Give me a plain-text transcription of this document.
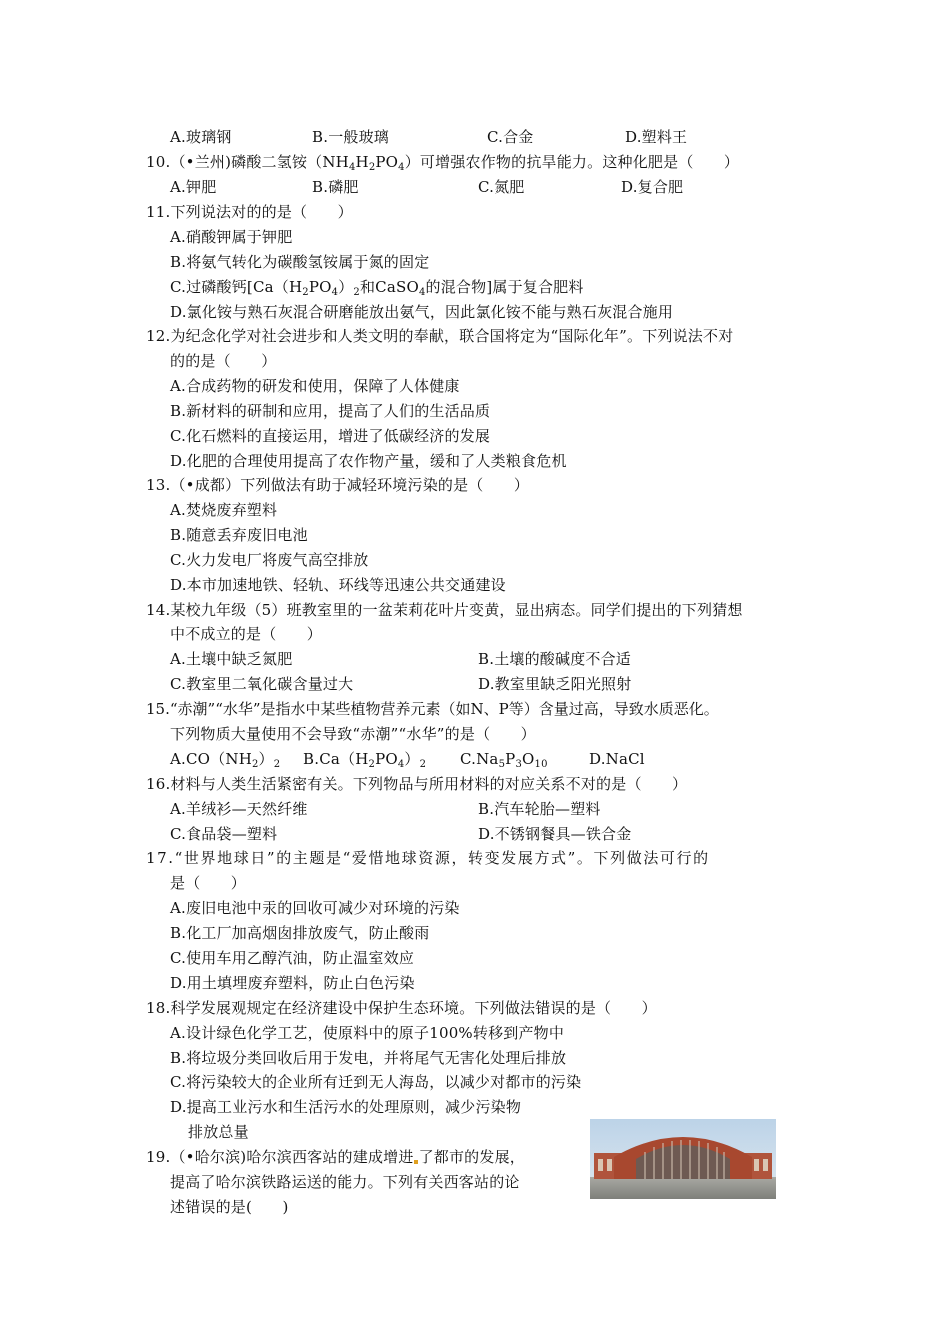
A.玻璃钢	B.一般玻璃	C.合金	D.塑料王
10.（•兰州)磷酸二氢铵$(NH_4H_2PO_4)$可增强农作物的抗旱能力。这种化肥是（　　）
A.钾肥	B.磷肥	C.氮肥	D.复合肥
11.下列说法对的的是（　　）
A.硝酸钾属于钾肥
B.将氨气转化为碳酸氢铵属于氮的固定
C.过磷酸钙[$Ca(H_2PO_4)_2$和CaSO$_4$的混合物]属于复合肥料
D.氯化铵与熟石灰混合研磨能放出氨气，因此氯化铵不能与熟石灰混合施用
12.为纪念化学对社会进步和人类文明的奉献，联合国将定为“国际化年”。下列说法不对
的的是（　　）
A.合成药物的研发和使用，保障了人体健康
B.新材料的研制和应用，提高了人们的生活品质
C.化石燃料的直接运用，增进了低碳经济的发展
D.化肥的合理使用提高了农作物产量，缓和了人类粮食危机
13.（•成都）下列做法有助于减轻环境污染的是（　　）
A.焚烧废弃塑料
B.随意丢弃废旧电池
C.火力发电厂将废气高空排放
D.本市加速地铁、轻轨、环线等迅速公共交通建设
14.某校九年级（5）班教室里的一盆茉莉花叶片变黄，显出病态。同学们提出的下列猜想
中不成立的是（　　）
A.土壤中缺乏氮肥	B.土壤的酸碱度不合适
C.教室里二氧化碳含量过大	D.教室里缺乏阳光照射
15.“赤潮”“水华”是指水中某些植物营养元素（如N、P等）含量过高，导致水质恶化。
下列物质大量使用不会导致“赤潮”“水华”的是（　　）
$A.CO(NH_2)_2$ $B.Ca(H_2PO_4)_2$ $C.Na_5P_3O_{10}$	D.NaCl
16.材料与人类生活紧密有关。下列物品与所用材料的对应关系不对的是（　　）
A.羊绒衫—天然纤维	B.汽车轮胎—塑料
C.食品袋—塑料	D.不锈钢餐具—铁合金
17.“世界地球日”的主题是“爱惜地球资源，转变发展方式”。下列做法可行的
是（　　）
A.废旧电池中汞的回收可减少对环境的污染
B.化工厂加高烟囱排放废气，防止酸雨
C.使用车用乙醇汽油，防止温室效应
D.用土填埋废弃塑料，防止白色污染
18.科学发展观规定在经济建设中保护生态环境。下列做法错误的是（　　）
A.设计绿色化学工艺，使原料中的原子100%转移到产物中
B.将垃圾分类回收后用于发电，并将尾气无害化处理后排放
C.将污染较大的企业所有迁到无人海岛，以减少对都市的污染
D.提高工业污水和生活污水的处理原则，减少污染物
排放总量
19.（•哈尔滨)哈尔滨西客站的建成增进 了都市的发展，
提高了哈尔滨铁路运送的能力。下列有关西客站的论
述错误的是(　　)
